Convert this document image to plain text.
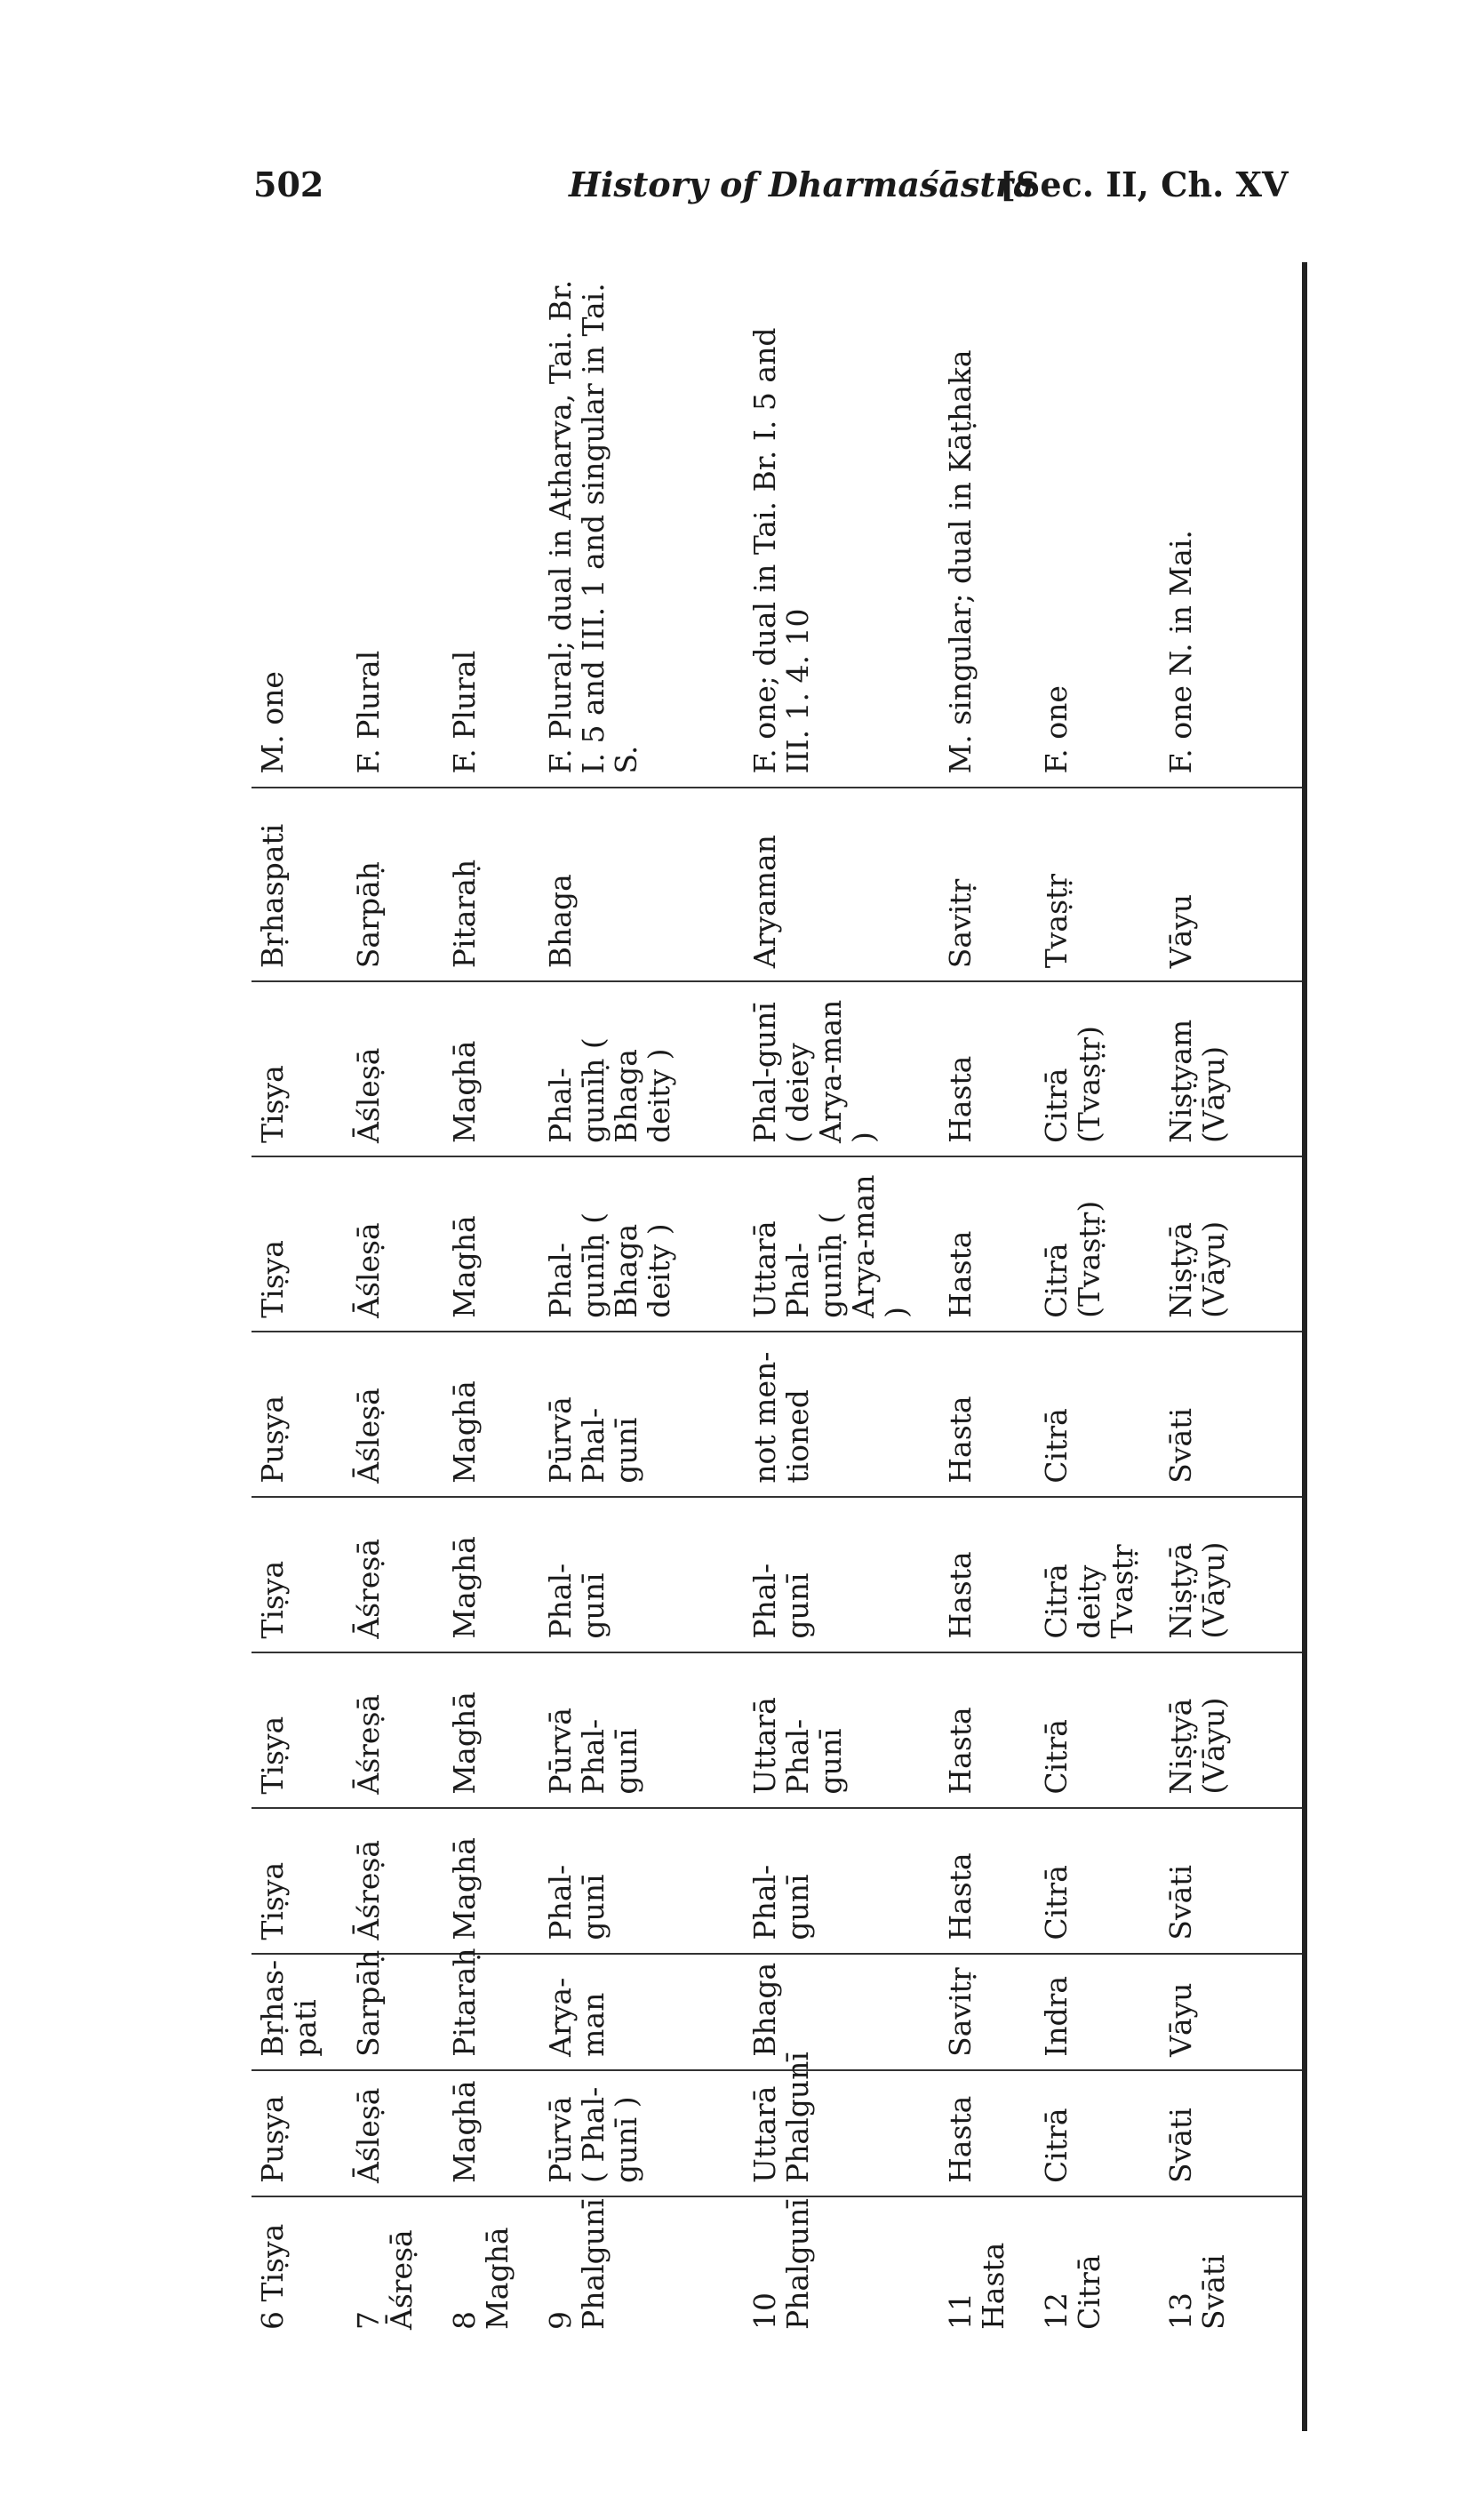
502	History of Dharmaśāstra
[Sec. II, Ch. XV
6 Tiṣya	Puṣya	Bṛhas-pati	Tiṣya	Tiṣya	Tiṣya	Puṣya	Tiṣya	Tiṣya	Bṛhaspati	M. one
7 Āśreṣā	Āśleṣā	Sarpāḥ	Āśreṣā	Āśreṣā	Āśreṣā	Āśleṣā	Āśleṣā	Āśleṣā	Sarpāḥ	F. Plural
8 Maghā	Maghā	Pitaraḥ	Maghā	Maghā	Maghā	Maghā	Maghā	Maghā	Pitaraḥ	F. Plural
9 Phalgunī	Pūrvā ( Phal-gunī )	Arya-man	Phal-gunī	Pūrvā Phal-gunī	Phal-gunī	Pūrvā Phal-gunī	Phal-gunīḥ ( Bhaga deity )	Phal-gunīḥ ( Bhaga deity )	Bhaga	F. Plural; dual in Atharva, Tai. Br. I. 5 and III. 1 and singular in Tai. S.
10 Phalgunī	Uttarā Phalgunī	Bhaga	Phal-gunī	Uttarā Phal-gunī	Phal-gunī	not men-tioned	Uttarā Phal-gunīḥ ( Arya-man )	Phal-gunī ( deiey Arya-man )	Aryaman	F. one; dual in Tai. Br. I. 5 and III. 1. 4. 10
11 Hasta	Hasta	Savitṛ	Hasta	Hasta	Hasta	Hasta	Hasta	Hasta	Savitṛ	M. singular; dual in Kāṭhaka
12 Citrā	Citrā	Indra	Citrā	Citrā	Citrā deity Tvaṣṭṛ	Citrā	Citrā (Tvaṣṭṛ)	Citrā (Tvaṣṭṛ)	Tvaṣṭṛ	F. one
13 Svāti	Svāti	Vāyu	Svāti	Niṣṭyā (Vāyu)	Niṣṭyā (Vāyu)	Svāti	Niṣṭyā (Vāyu)	Niṣṭyam (Vāyu)	Vāyu	F. one N. in Mai.
